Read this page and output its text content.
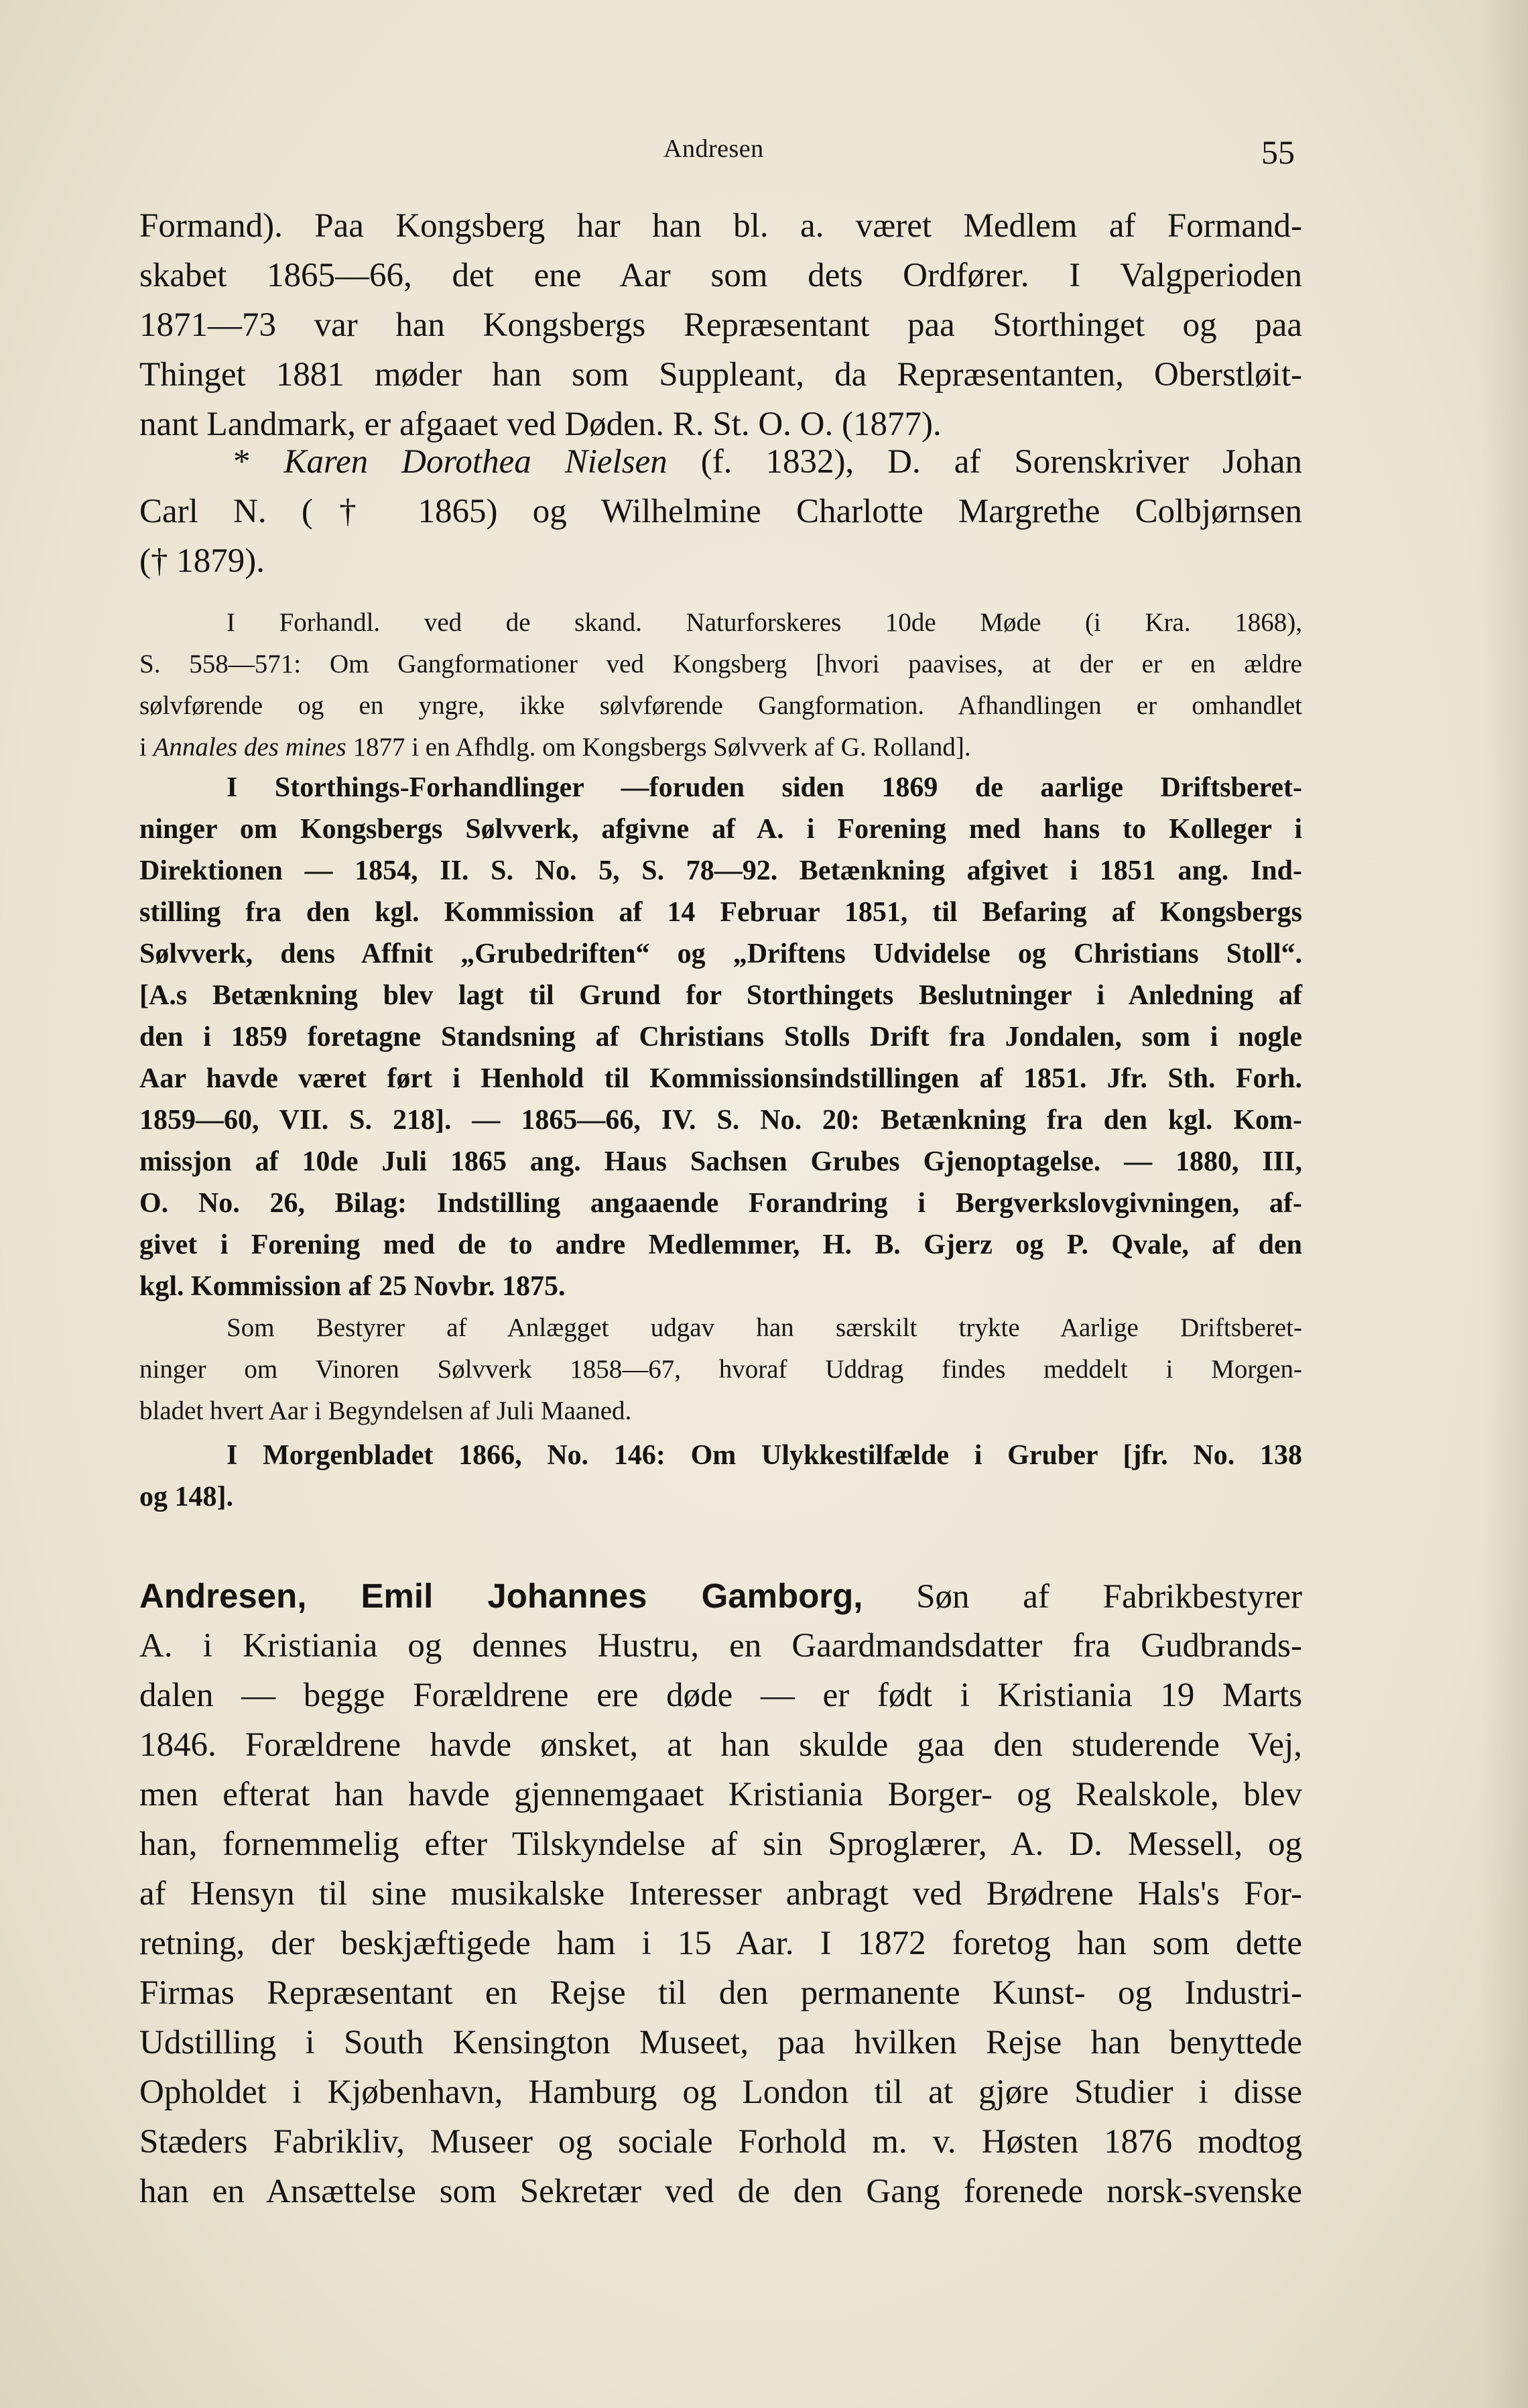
Andresen	55
Formand). Paa Kongsberg har han bl. a. været Medlem af Formand-
skabet 1865—66, det ene Aar som dets Ordfører. I Valgperioden
1871—73 var han Kongsbergs Repræsentant paa Storthinget og paa
Thinget 1881 møder han som Suppleant, da Repræsentanten, Oberstløit-
nant Landmark, er afgaaet ved Døden. R. St. O. O. (1877).
* Karen Dorothea Nielsen (f. 1832), D. af Sorenskriver Johan
Carl N. († 1865) og Wilhelmine Charlotte Margrethe Colbjørnsen
(† 1879).
I Forhandl. ved de skand. Naturforskeres 10de Møde (i Kra. 1868),
S. 558—571: Om Gangformationer ved Kongsberg [hvori paavises, at der er en ældre
sølvførende og en yngre, ikke sølvførende Gangformation. Afhandlingen er omhandlet
i Annales des mines 1877 i en Afhdlg. om Kongsbergs Sølvverk af G. Rolland].
I Storthings-Forhandlinger —foruden siden 1869 de aarlige Driftsberet-
ninger om Kongsbergs Sølvverk, afgivne af A. i Forening med hans to Kolleger i
Direktionen — 1854, II. S. No. 5, S. 78—92. Betænkning afgivet i 1851 ang. Ind-
stilling fra den kgl. Kommission af 14 Februar 1851, til Befaring af Kongsbergs
Sølvverk, dens Affnit „Grubedriften“ og „Driftens Udvidelse og Christians Stoll“.
[A.s Betænkning blev lagt til Grund for Storthingets Beslutninger i Anledning af
den i 1859 foretagne Standsning af Christians Stolls Drift fra Jondalen, som i nogle
Aar havde været ført i Henhold til Kommissionsindstillingen af 1851. Jfr. Sth. Forh.
1859—60, VII. S. 218]. — 1865—66, IV. S. No. 20: Betænkning fra den kgl. Kom-
missjon af 10de Juli 1865 ang. Haus Sachsen Grubes Gjenoptagelse. — 1880, III,
O. No. 26, Bilag: Indstilling angaaende Forandring i Bergverkslovgivningen, af-
givet i Forening med de to andre Medlemmer, H. B. Gjerz og P. Qvale, af den
kgl. Kommission af 25 Novbr. 1875.
Som Bestyrer af Anlægget udgav han særskilt trykte Aarlige Driftsberet-
ninger om Vinoren Sølvverk 1858—67, hvoraf Uddrag findes meddelt i Morgen-
bladet hvert Aar i Begyndelsen af Juli Maaned.
I Morgenbladet 1866, No. 146: Om Ulykkestilfælde i Gruber [jfr. No. 138
og 148].
Andresen, Emil Johannes Gamborg, Søn af Fabrikbestyrer
A. i Kristiania og dennes Hustru, en Gaardmandsdatter fra Gudbrands-
dalen — begge Forældrene ere døde — er født i Kristiania 19 Marts
1846. Forældrene havde ønsket, at han skulde gaa den studerende Vej,
men efterat han havde gjennemgaaet Kristiania Borger- og Realskole, blev
han, fornemmelig efter Tilskyndelse af sin Sproglærer, A. D. Messell, og
af Hensyn til sine musikalske Interesser anbragt ved Brødrene Hals's For-
retning, der beskjæftigede ham i 15 Aar. I 1872 foretog han som dette
Firmas Repræsentant en Rejse til den permanente Kunst- og Industri-
Udstilling i South Kensington Museet, paa hvilken Rejse han benyttede
Opholdet i Kjøbenhavn, Hamburg og London til at gjøre Studier i disse
Stæders Fabrikliv, Museer og sociale Forhold m. v. Høsten 1876 modtog
han en Ansættelse som Sekretær ved de den Gang forenede norsk-svenske
